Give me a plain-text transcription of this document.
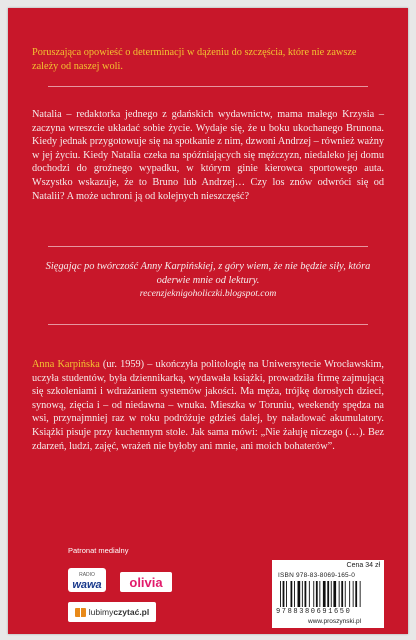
Poruszająca opowieść o determinacji w dążeniu do szczęścia, które nie zawsze zależy od naszej woli.
Natalia – redaktorka jednego z gdańskich wydawnictw, mama małego Krzysia – zaczyna wreszcie układać sobie życie. Wydaje się, że u boku ukochanego Brunona. Kiedy jednak przygotowuje się na spotkanie z nim, dzwoni Andrzej – również ważny w jej życiu. Kiedy Natalia czeka na spóźniających się mężczyzn, niedaleko jej domu dochodzi do groźnego wypadku, w którym ginie kierowca sportowego auta. Wszystko wskazuje, że to Bruno lub Andrzej… Czy los znów odwróci się od Natalii? A może uchroni ją od kolejnych nieszczęść?
Sięgając po twórczość Anny Karpińskiej, z góry wiem, że nie będzie siły, która oderwie mnie od lektury.
recenzjeknigoholiczki.blogspot.com
Anna Karpińska (ur. 1959) – ukończyła politologię na Uniwersytecie Wrocławskim, uczyła studentów, była dziennikarką, wydawała książki, prowadziła firmę zajmującą się szkoleniami i wdrażaniem systemów jakości. Ma męża, trójkę dorosłych dzieci, synową, zięcia i – od niedawna – wnuka. Mieszka w Toruniu, weekendy spędza na wsi, przynajmniej raz w roku podróżuje gdzieś dalej, by naładować akumulatory. Książki pisuje przy kuchennym stole. Jak sama mówi: „Nie żałuję niczego (…). Bez zdarzeń, ludzi, zajęć, wrażeń nie byłoby ani mnie, ani moich bohaterów”.
Patronat medialny
RADIO
wawa	olivia
lubimyczytać.pl
Cena 34 zł
ISBN 978-83-8069-165-0
9788380691650
www.proszynski.pl
